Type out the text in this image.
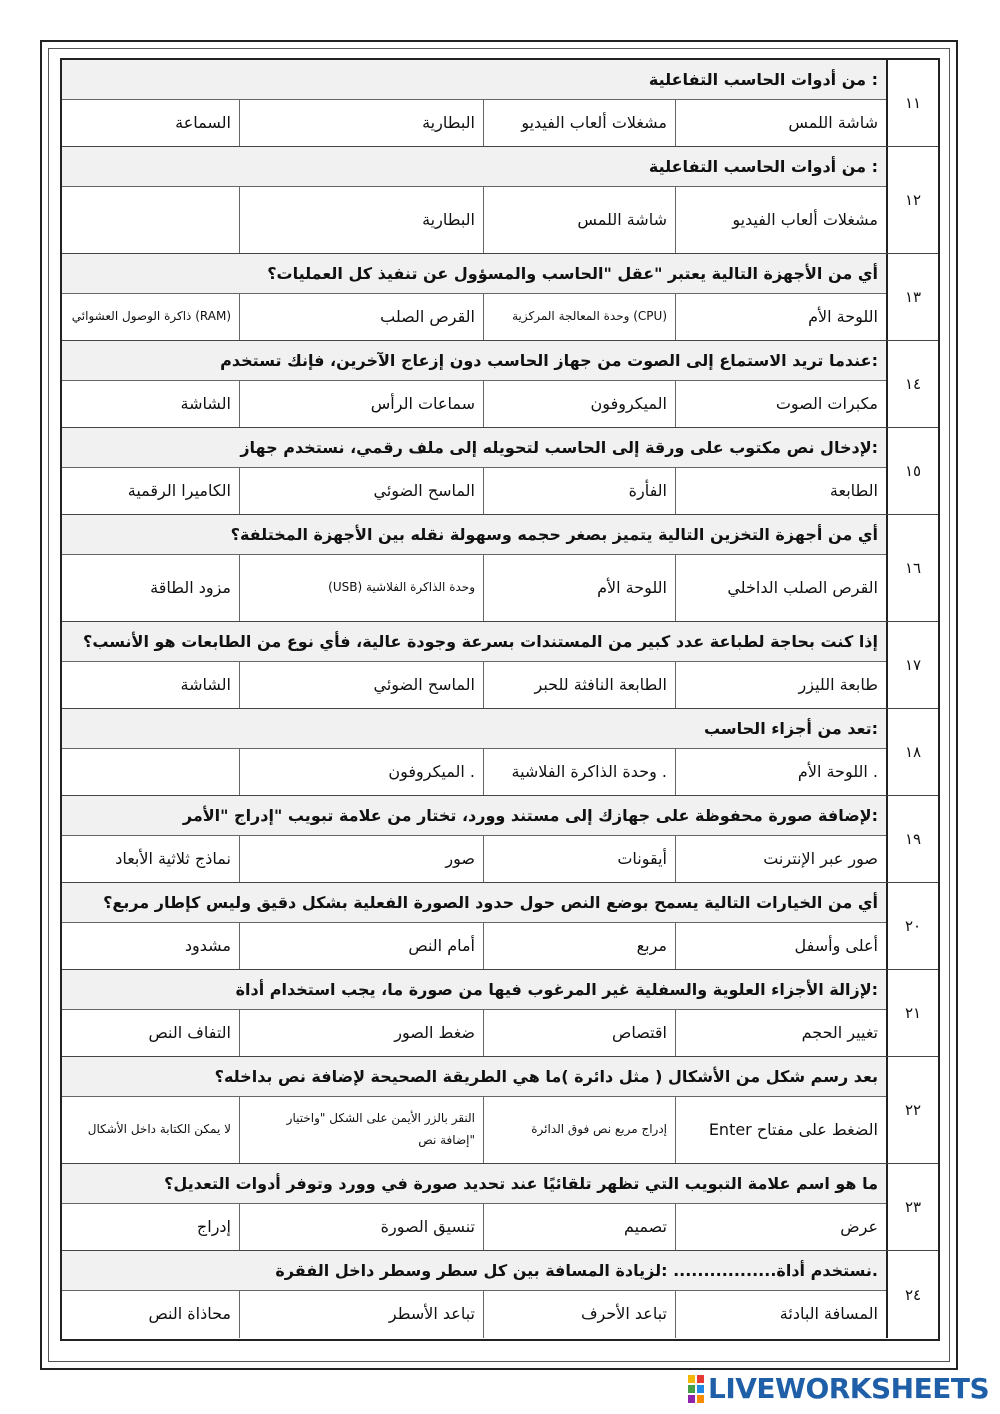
١١
: من أدوات الحاسب التفاعلية
شاشة اللمس
مشغلات ألعاب الفيديو
البطارية
السماعة
١٢
: من أدوات الحاسب التفاعلية
مشغلات ألعاب الفيديو
شاشة اللمس
البطارية
١٣
أي من الأجهزة التالية يعتبر "عقل "الحاسب والمسؤول عن تنفيذ كل العمليات؟
اللوحة الأم
(CPU) وحدة المعالجة المركزية
القرص الصلب
(RAM) ذاكرة الوصول العشوائي
١٤
:عندما تريد الاستماع إلى الصوت من جهاز الحاسب دون إزعاج الآخرين، فإنك تستخدم
مكبرات الصوت
الميكروفون
سماعات الرأس
الشاشة
١٥
:لإدخال نص مكتوب على ورقة إلى الحاسب لتحويله إلى ملف رقمي، نستخدم جهاز
الطابعة
الفأرة
الماسح الضوئي
الكاميرا الرقمية
١٦
أي من أجهزة التخزين التالية يتميز بصغر حجمه وسهولة نقله بين الأجهزة المختلفة؟
القرص الصلب الداخلي
اللوحة الأم
وحدة الذاكرة الفلاشية (USB)
مزود الطاقة
١٧
إذا كنت بحاجة لطباعة عدد كبير من المستندات بسرعة وجودة عالية، فأي نوع من الطابعات هو الأنسب؟
طابعة الليزر
الطابعة النافثة للحبر
الماسح الضوئي
الشاشة
١٨
:تعد من أجزاء الحاسب
. اللوحة الأم
. وحدة الذاكرة الفلاشية
. الميكروفون
١٩
:لإضافة صورة محفوظة على جهازك إلى مستند وورد، تختار من علامة تبويب "إدراج "الأمر
صور عبر الإنترنت
أيقونات
صور
نماذج ثلاثية الأبعاد
٢٠
أي من الخيارات التالية يسمح بوضع النص حول حدود الصورة الفعلية بشكل دقيق وليس كإطار مربع؟
أعلى وأسفل
مربع
أمام النص
مشدود
٢١
:لإزالة الأجزاء العلوية والسفلية غير المرغوب فيها من صورة ما، يجب استخدام أداة
تغيير الحجم
اقتصاص
ضغط الصور
التفاف النص
٢٢
بعد رسم شكل من الأشكال ( مثل دائرة )ما هي الطريقة الصحيحة لإضافة نص بداخله؟
الضغط على مفتاح Enter
إدراج مربع نص فوق الدائرة
النقر بالزر الأيمن على الشكل "واختيار "إضافة نص
لا يمكن الكتابة داخل الأشكال
٢٣
ما هو اسم علامة التبويب التي تظهر تلقائيًا عند تحديد صورة في وورد وتوفر أدوات التعديل؟
عرض
تصميم
تنسيق الصورة
إدراج
٢٤
.نستخدم أداة................. :لزيادة المسافة بين كل سطر وسطر داخل الفقرة
المسافة البادئة
تباعد الأحرف
تباعد الأسطر
محاذاة النص
LIVEWORKSHEETS
